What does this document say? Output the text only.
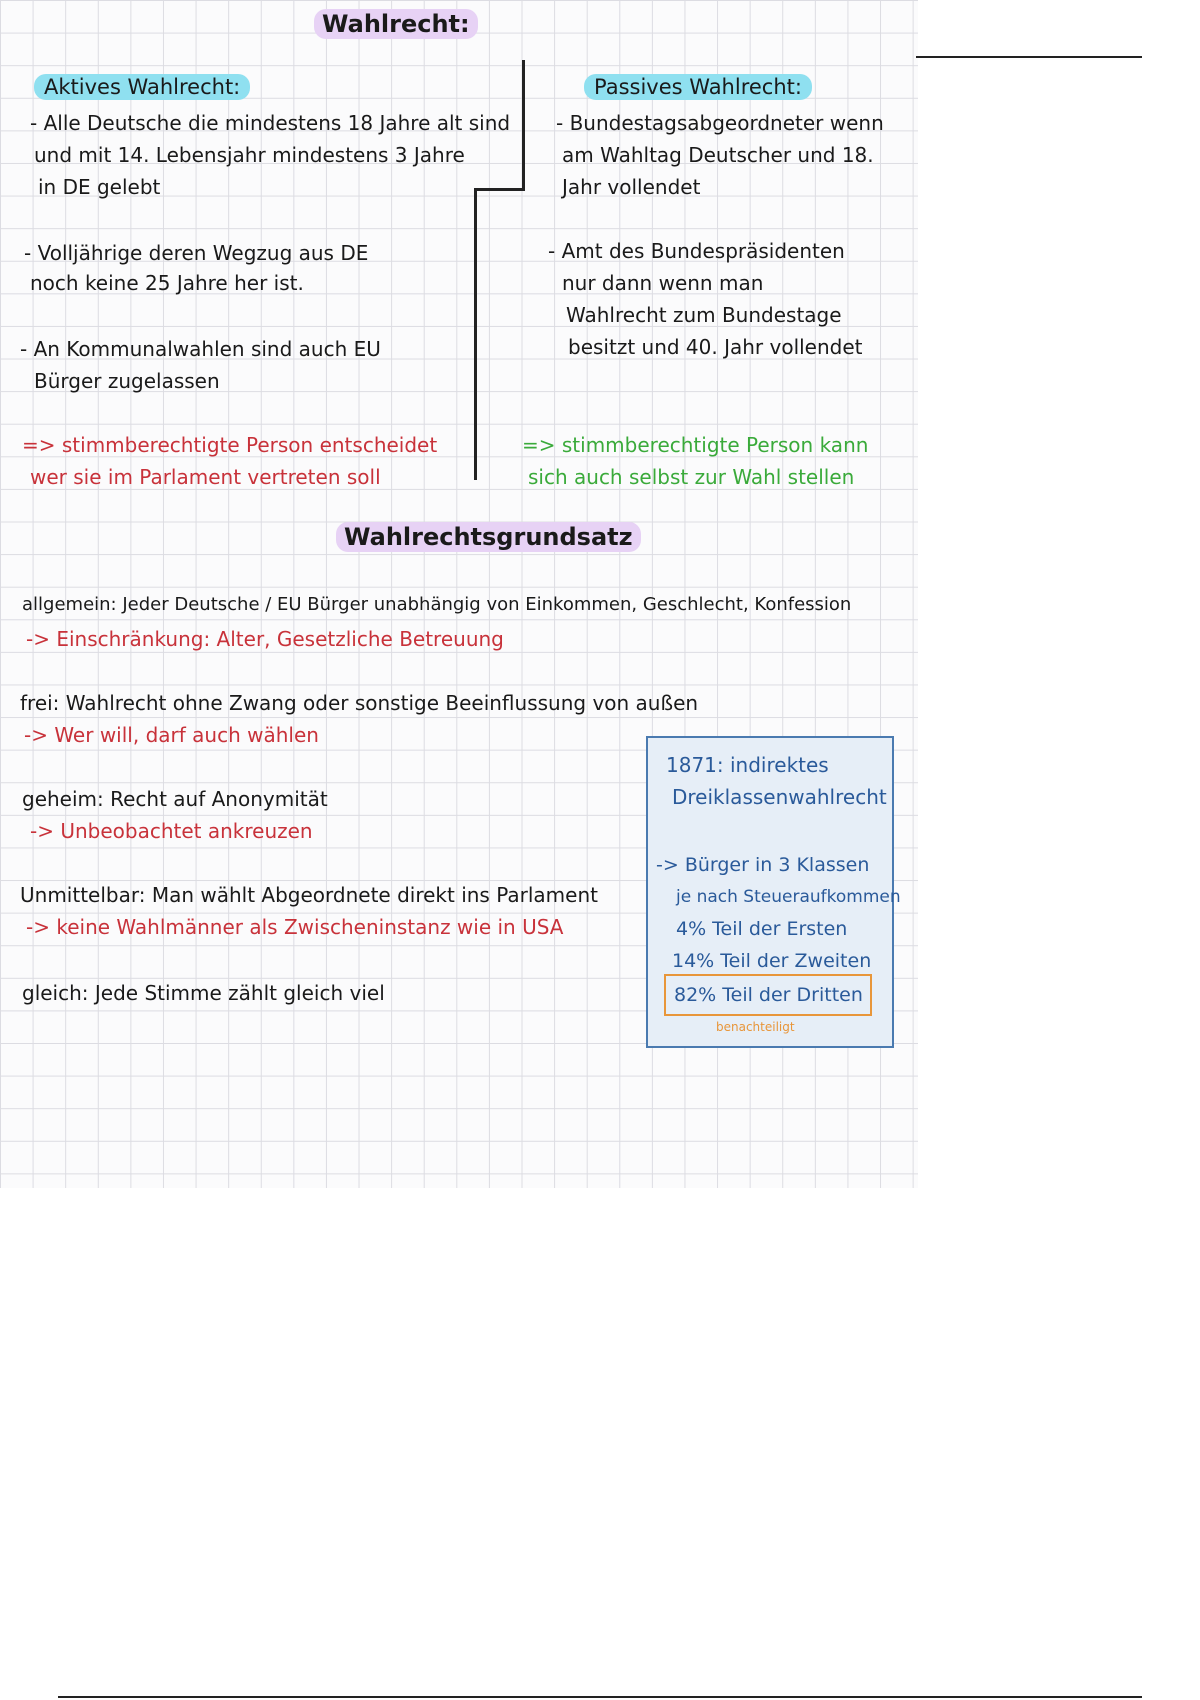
Wahlrecht:
Aktives Wahlrecht:
- Alle Deutsche die mindestens 18 Jahre alt sind
und mit 14. Lebensjahr mindestens 3 Jahre
in DE gelebt
- Volljährige deren Wegzug aus DE
noch keine 25 Jahre her ist.
- An Kommunalwahlen sind auch EU
Bürger zugelassen
=> stimmberechtigte Person entscheidet
wer sie im Parlament vertreten soll
Passives Wahlrecht:
- Bundestagsabgeordneter wenn
am Wahltag Deutscher und 18.
Jahr vollendet
- Amt des Bundespräsidenten
nur dann wenn man
Wahlrecht zum Bundestage
besitzt und 40. Jahr vollendet
=> stimmberechtigte Person kann
sich auch selbst zur Wahl stellen
Wahlrechtsgrundsatz
allgemein: Jeder Deutsche / EU Bürger unabhängig von Einkommen, Geschlecht, Konfession
-> Einschränkung: Alter, Gesetzliche Betreuung
frei: Wahlrecht ohne Zwang oder sonstige Beeinflussung von außen
-> Wer will, darf auch wählen
geheim: Recht auf Anonymität
-> Unbeobachtet ankreuzen
Unmittelbar: Man wählt Abgeordnete direkt ins Parlament
-> keine Wahlmänner als Zwischeninstanz wie in USA
gleich: Jede Stimme zählt gleich viel
1871: indirektes
Dreiklassenwahlrecht
-> Bürger in 3 Klassen
je nach Steueraufkommen
4% Teil der Ersten
14% Teil der Zweiten
82% Teil der Dritten
benachteiligt
